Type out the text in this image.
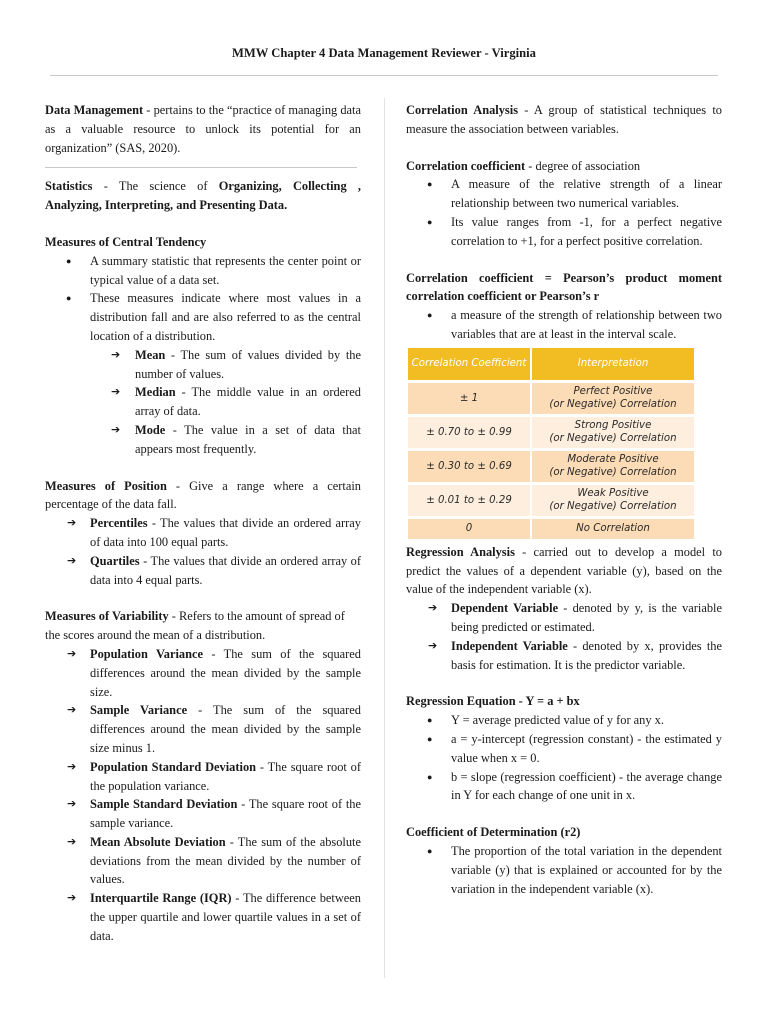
MMW Chapter 4 Data Management Reviewer - Virginia

Data Management - pertains to the “practice of managing data as a valuable resource to unlock its potential for an organization” (SAS, 2020).

Statistics - The science of Organizing, Collecting , Analyzing, Interpreting, and Presenting Data.

Measures of Central Tendency

● A summary statistic that represents the center point or typical value of a data set.
● These measures indicate where most values in a distribution fall and are also referred to as the central location of a distribution.
➔ Mean - The sum of values divided by the number of values.
➔ Median - The middle value in an ordered array of data.
➔ Mode - The value in a set of data that appears most frequently.

Measures of Position - Give a range where a certain percentage of the data fall.

➔ Percentiles - The values that divide an ordered array of data into 100 equal parts.
➔ Quartiles - The values that divide an ordered array of data into 4 equal parts.

Measures of Variability - Refers to the amount of spread of the scores around the mean of a distribution.

➔ Population Variance - The sum of the squared differences around the mean divided by the sample size.
➔ Sample Variance - The sum of the squared differences around the mean divided by the sample size minus 1.
➔ Population Standard Deviation - The square root of the population variance.
➔ Sample Standard Deviation - The square root of the sample variance.
➔ Mean Absolute Deviation - The sum of the absolute deviations from the mean divided by the number of values.
➔ Interquartile Range (IQR) - The difference between the upper quartile and lower quartile values in a set of data.

Correlation Analysis - A group of statistical techniques to measure the association between variables.

Correlation coefficient - degree of association

● A measure of the relative strength of a linear relationship between two numerical variables.
● Its value ranges from -1, for a perfect negative correlation to +1, for a perfect positive correlation.

Correlation coefficient = Pearson’s product moment correlation coefficient or Pearson’s r

● a measure of the strength of relationship between two variables that are at least in the interval scale.
Correlation Coefficient	Interpretation
± 1	Perfect Positive
(or Negative) Correlation
± 0.70 to ± 0.99	Strong Positive
(or Negative) Correlation
± 0.30 to ± 0.69	Moderate Positive
(or Negative) Correlation
± 0.01 to ± 0.29	Weak Positive
(or Negative) Correlation
0	No Correlation

Regression Analysis - carried out to develop a model to predict the values of a dependent variable (y), based on the value of the independent variable (x).

➔ Dependent Variable - denoted by y, is the variable being predicted or estimated.
➔ Independent Variable - denoted by x, provides the basis for estimation. It is the predictor variable.

Regression Equation - Y = a + bx

● Y = average predicted value of y for any x.
● a = y-intercept (regression constant) - the estimated y value when x = 0.
● b = slope (regression coefficient) - the average change in Y for each change of one unit in x.

Coefficient of Determination (r2)

● The proportion of the total variation in the dependent variable (y) that is explained or accounted for by the variation in the independent variable (x).
